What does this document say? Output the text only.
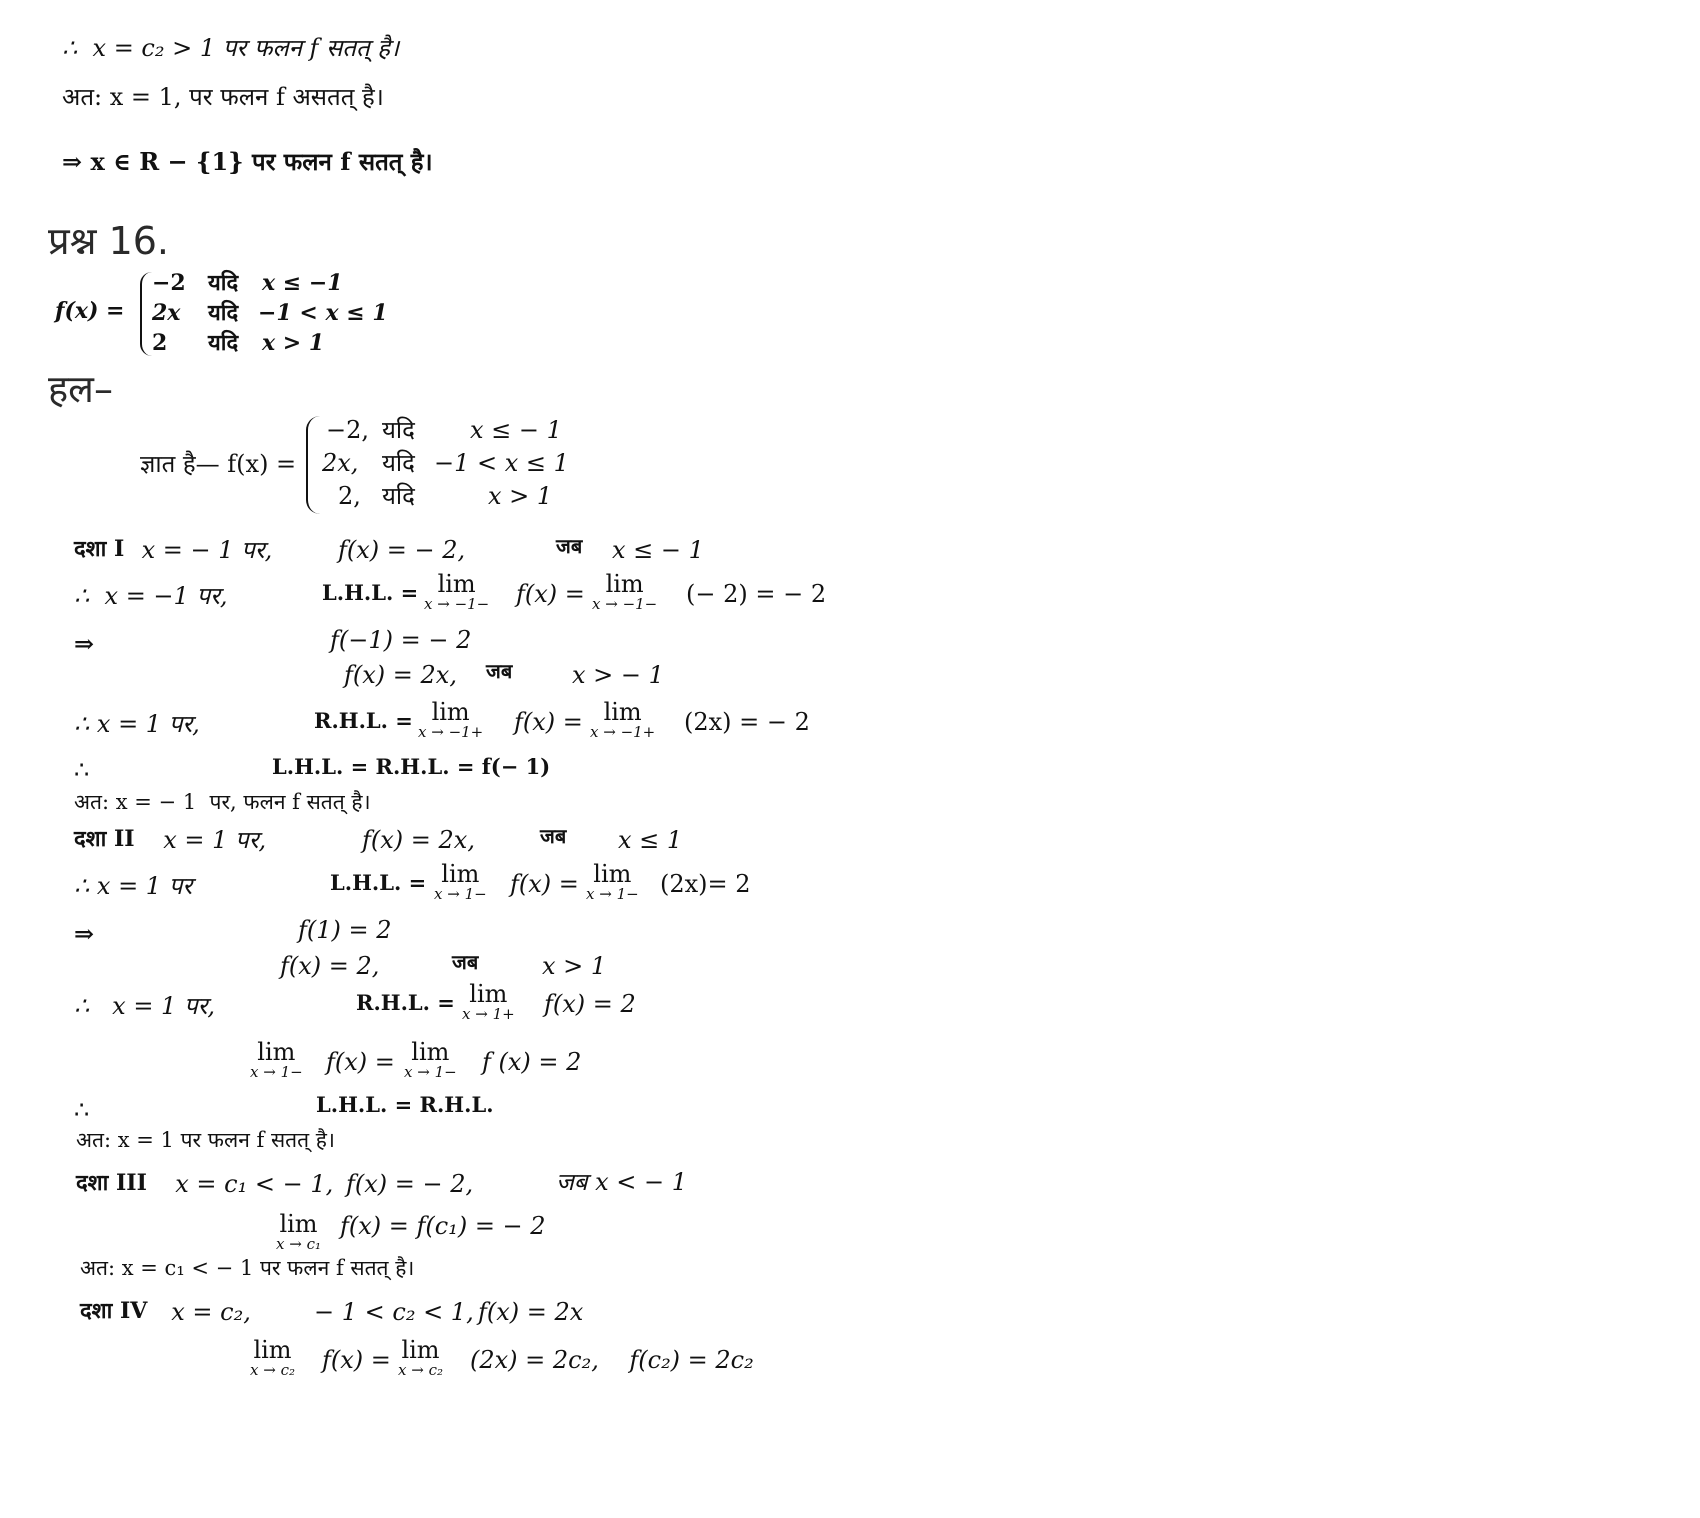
∴  x = c₂ > 1 पर फलन f सतत् है।
अत: x = 1, पर फलन f असतत् है।
⇒ x ∈ R − {1} पर फलन f सतत् है।
प्रश्न 16.
f(x) =
−2 यदि x ≤ −1
2x यदि −1 < x ≤ 1
2 यदि x > 1
हल–
ज्ञात है— f(x) =
−2, यदि x ≤ − 1
2x, यदि −1 < x ≤ 1
2, यदि	x > 1
दशा I x = − 1 पर,	f(x) = − 2,	जब x ≤ − 1
∴  x = −1 पर,	L.H.L. = lim
x → −1− f(x) = lim
x → −1− (− 2) = − 2
⇒	f(−1) = − 2
f(x) = 2x, जब x > − 1
∴ x = 1 पर,	R.H.L. = lim
x → −1+ f(x) = lim
x → −1+ (2x) = − 2
∴	L.H.L. = R.H.L. = f(− 1)
अत: x = − 1  पर, फलन f सतत् है।
दशा II x = 1 पर,	f(x) = 2x,	जब x ≤ 1
∴ x = 1 पर	L.H.L. = lim
x → 1− f(x) = lim
x → 1− (2x)= 2
⇒	f(1) = 2
f(x) = 2,	जब	x > 1
∴   x = 1 पर,	R.H.L. = lim
x → 1+ f(x) = 2
lim
x → 1− f(x) = lim
x → 1− f (x) = 2
∴	L.H.L. = R.H.L.
अत: x = 1 पर फलन f सतत् है।
दशा III x = c₁ < − 1, f(x) = − 2,	जब x < − 1
lim
x → c₁
f(x) = f(c₁) = − 2
अत: x = c₁ < − 1 पर फलन f सतत् है।
दशा IV x = c₂,	− 1 < c₂ < 1, f(x) = 2x
lim
x → c₂ f(x) = lim
x → c₂ (2x) = 2c₂,    f(c₂) = 2c₂
